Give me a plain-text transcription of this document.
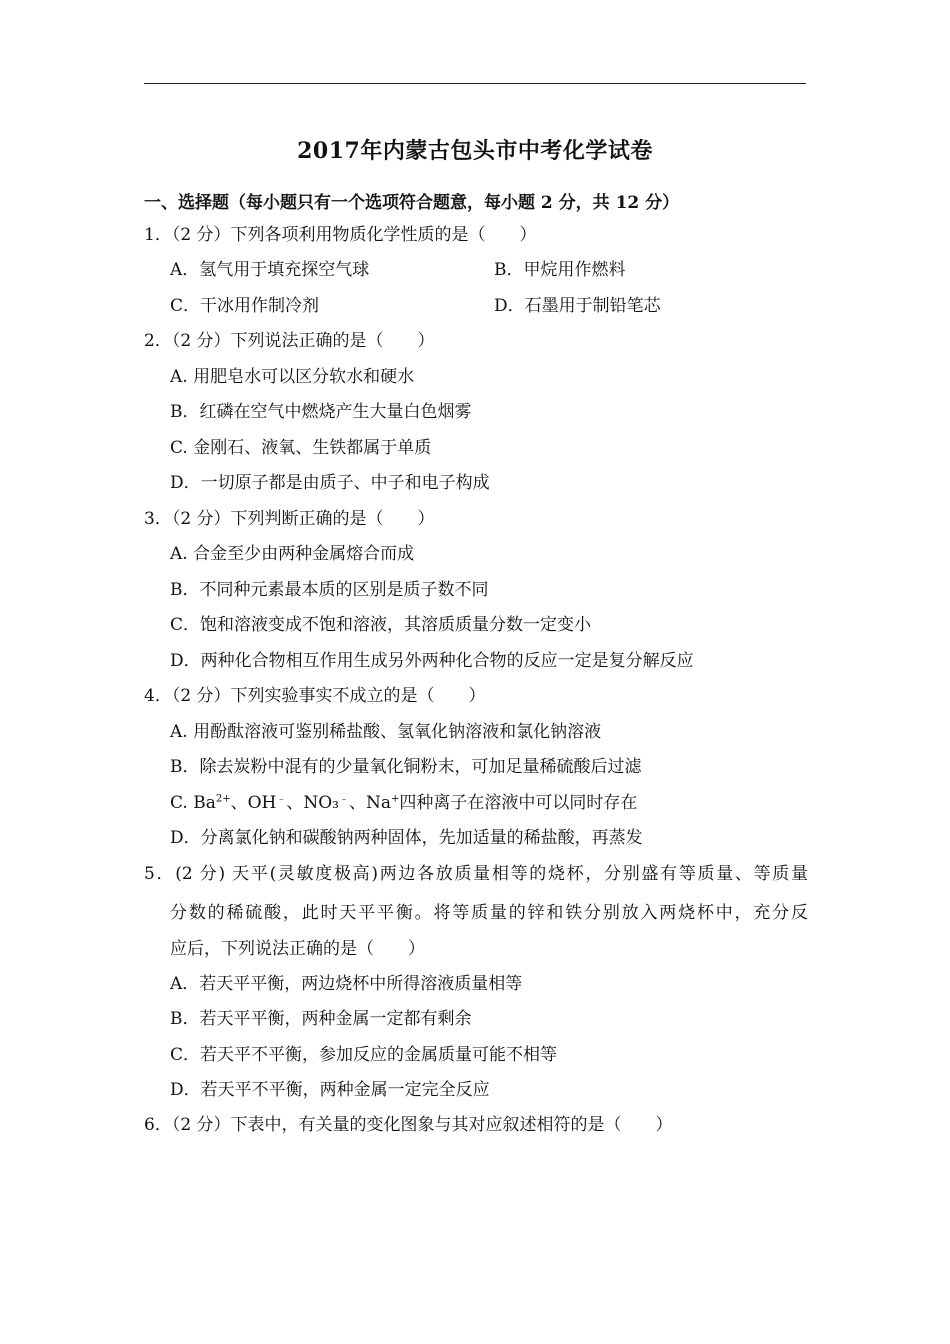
2017年内蒙古包头市中考化学试卷
一、选择题（每小题只有一个选项符合题意，每小题 2 分，共 12 分）
1．（2 分）下列各项利用物质化学性质的是（　　）
A．氢气用于填充探空气球	B．甲烷用作燃料
C．干冰用作制冷剂	D．石墨用于制铅笔芯
2．（2 分）下列说法正确的是（　　）
A. 用肥皂水可以区分软水和硬水
B．红磷在空气中燃烧产生大量白色烟雾
C. 金刚石、液氧、生铁都属于单质
D．一切原子都是由质子、中子和电子构成
3．（2 分）下列判断正确的是（　　）
A. 合金至少由两种金属熔合而成
B．不同种元素最本质的区别是质子数不同
C．饱和溶液变成不饱和溶液，其溶质质量分数一定变小
D．两种化合物相互作用生成另外两种化合物的反应一定是复分解反应
4．（2 分）下列实验事实不成立的是（　　）
A. 用酚酞溶液可鉴别稀盐酸、氢氧化钠溶液和氯化钠溶液
B．除去炭粉中混有的少量氧化铜粉末，可加足量稀硫酸后过滤
C. $Ba^{2+}$、OH﹣、NO₃﹣、Na+四种离子在溶液中可以同时存在
D．分离氯化钠和碳酸钠两种固体，先加适量的稀盐酸，再蒸发
5．(2 分) 天平(灵敏度极高)两边各放质量相等的烧杯，分别盛有等质量、等质量
分数的稀硫酸，此时天平平衡。将等质量的锌和铁分别放入两烧杯中，充分反
应后，下列说法正确的是（　　）
A．若天平平衡，两边烧杯中所得溶液质量相等
B．若天平平衡，两种金属一定都有剩余
C．若天平不平衡，参加反应的金属质量可能不相等
D．若天平不平衡，两种金属一定完全反应
6．（2 分）下表中，有关量的变化图象与其对应叙述相符的是（　　）
